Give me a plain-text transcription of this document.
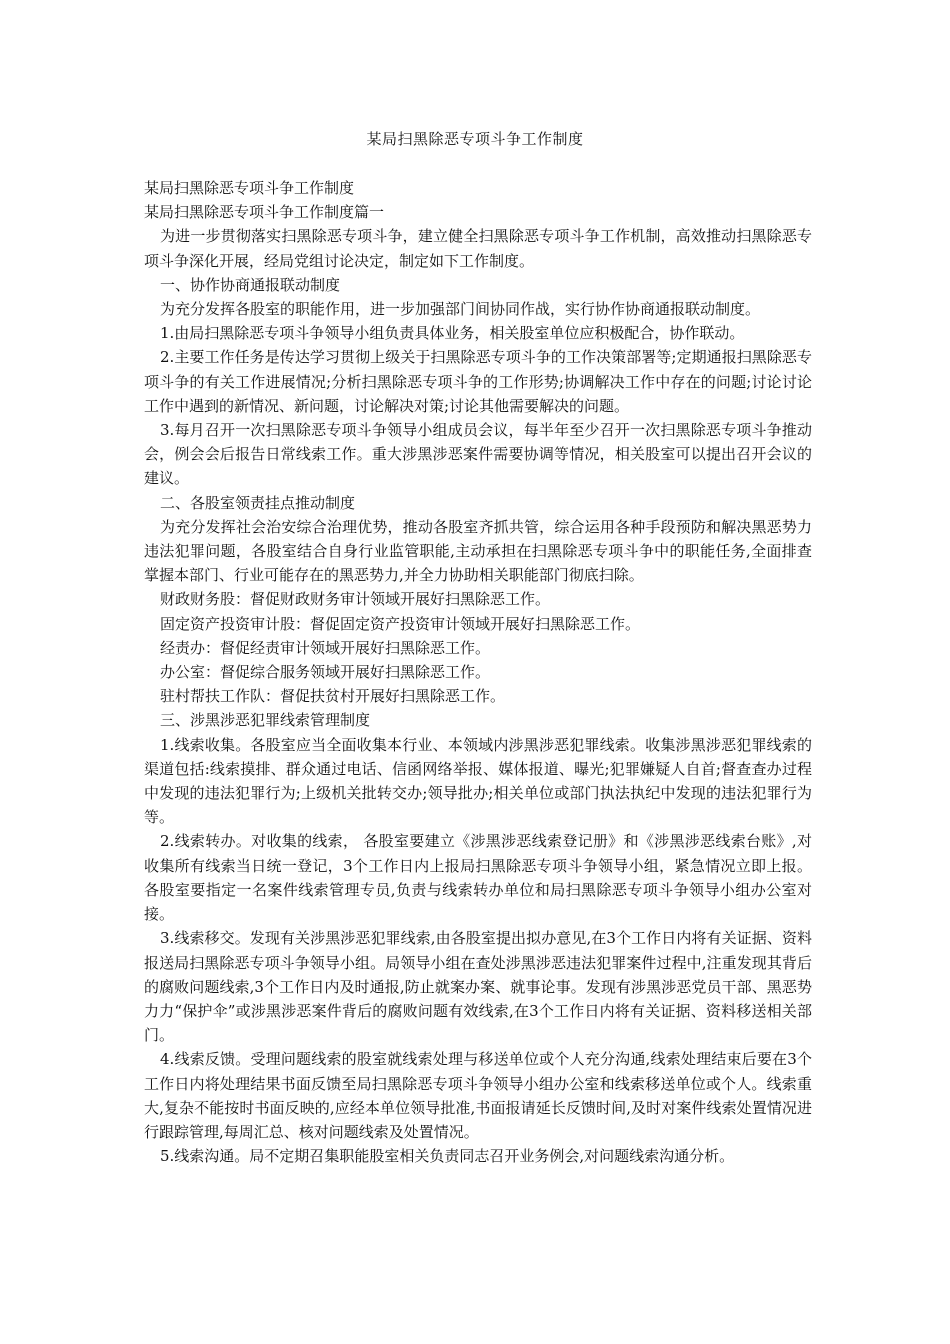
某局扫黑除恶专项斗争工作制度

某局扫黑除恶专项斗争工作制度

某局扫黑除恶专项斗争工作制度篇一

为进一步贯彻落实扫黑除恶专项斗争，建立健全扫黑除恶专项斗争工作机制，高效推动扫黑除恶专项斗争深化开展，经局党组讨论决定，制定如下工作制度。

一、协作协商通报联动制度

为充分发挥各股室的职能作用，进一步加强部门间协同作战，实行协作协商通报联动制度。

1.由局扫黑除恶专项斗争领导小组负责具体业务，相关股室单位应积极配合，协作联动。

2.主要工作任务是传达学习贯彻上级关于扫黑除恶专项斗争的工作决策部署等;定期通报扫黑除恶专项斗争的有关工作进展情况;分析扫黑除恶专项斗争的工作形势;协调解决工作中存在的问题;讨论讨论工作中遇到的新情况、新问题，讨论解决对策;讨论其他需要解决的问题。

3.每月召开一次扫黑除恶专项斗争领导小组成员会议，每半年至少召开一次扫黑除恶专项斗争推动会，例会会后报告日常线索工作。重大涉黑涉恶案件需要协调等情况，相关股室可以提出召开会议的建议。

二、各股室领责挂点推动制度

为充分发挥社会治安综合治理优势，推动各股室齐抓共管，综合运用各种手段预防和解决黑恶势力违法犯罪问题，各股室结合自身行业监管职能,主动承担在扫黑除恶专项斗争中的职能任务,全面排查掌握本部门、行业可能存在的黑恶势力,并全力协助相关职能部门彻底扫除。

财政财务股：督促财政财务审计领域开展好扫黑除恶工作。

固定资产投资审计股：督促固定资产投资审计领域开展好扫黑除恶工作。

经责办：督促经责审计领域开展好扫黑除恶工作。

办公室：督促综合服务领域开展好扫黑除恶工作。

驻村帮扶工作队：督促扶贫村开展好扫黑除恶工作。

三、涉黑涉恶犯罪线索管理制度

1.线索收集。各股室应当全面收集本行业、本领域内涉黑涉恶犯罪线索。收集涉黑涉恶犯罪线索的渠道包括:线索摸排、群众通过电话、信函网络举报、媒体报道、曝光;犯罪嫌疑人自首;督查查办过程中发现的违法犯罪行为;上级机关批转交办;领导批办;相关单位或部门执法执纪中发现的违法犯罪行为等。

2.线索转办。对收集的线索， 各股室要建立《涉黑涉恶线索登记册》和《涉黑涉恶线索台账》,对收集所有线索当日统一登记，3个工作日内上报局扫黑除恶专项斗争领导小组，紧急情况立即上报。各股室要指定一名案件线索管理专员,负责与线索转办单位和局扫黑除恶专项斗争领导小组办公室对接。

3.线索移交。发现有关涉黑涉恶犯罪线索,由各股室提出拟办意见,在3个工作日内将有关证据、资料报送局扫黑除恶专项斗争领导小组。局领导小组在查处涉黑涉恶违法犯罪案件过程中,注重发现其背后的腐败问题线索,3个工作日内及时通报,防止就案办案、就事论事。发现有涉黑涉恶党员干部、黑恶势力力“保护伞”或涉黑涉恶案件背后的腐败问题有效线索,在3个工作日内将有关证据、资料移送相关部门。

4.线索反馈。受理问题线索的股室就线索处理与移送单位或个人充分沟通,线索处理结束后要在3个工作日内将处理结果书面反馈至局扫黑除恶专项斗争领导小组办公室和线索移送单位或个人。线索重大,复杂不能按时书面反映的,应经本单位领导批准,书面报请延长反馈时间,及时对案件线索处置情况进行跟踪管理,每周汇总、核对问题线索及处置情况。

5.线索沟通。局不定期召集职能股室相关负责同志召开业务例会,对问题线索沟通分析。
